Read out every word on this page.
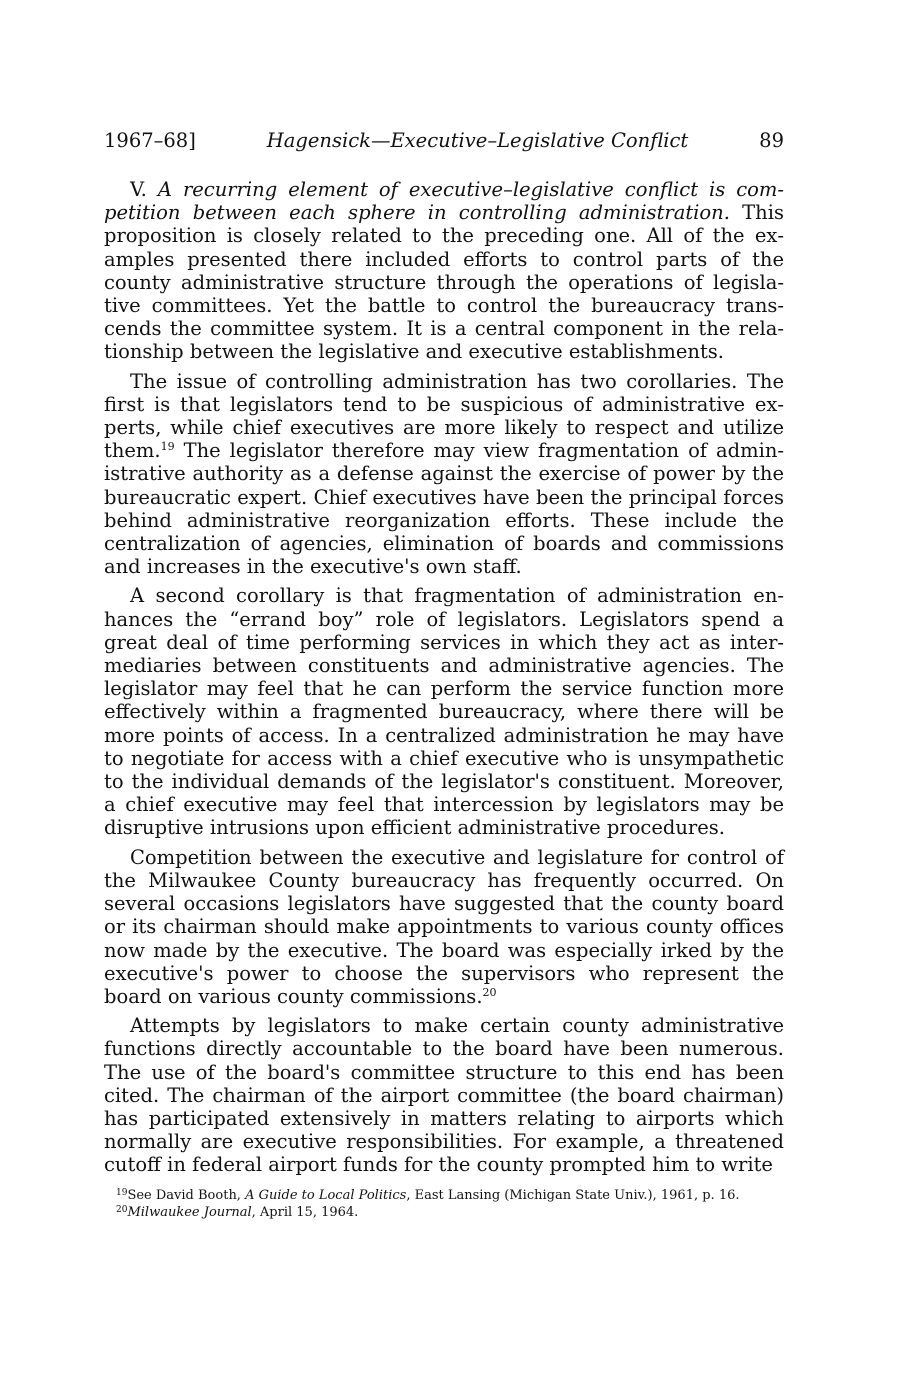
1967–68]	Hagensick—Executive–Legislative Conflict	89

V. A recurring element of executive–legislative conflict is competition between each sphere in controlling administration. This proposition is closely related to the preceding one. All of the examples presented there included efforts to control parts of the county administrative structure through the operations of legislative committees. Yet the battle to control the bureaucracy transcends the committee system. It is a central component in the relationship between the legislative and executive establishments.

The issue of controlling administration has two corollaries. The first is that legislators tend to be suspicious of administrative experts, while chief executives are more likely to respect and utilize them.$^{19}$ The legislator therefore may view fragmentation of administrative authority as a defense against the exercise of power by the bureaucratic expert. Chief executives have been the principal forces behind administrative reorganization efforts. These include the centralization of agencies, elimination of boards and commissions and increases in the executive's own staff.

A second corollary is that fragmentation of administration enhances the “errand boy” role of legislators. Legislators spend a great deal of time performing services in which they act as intermediaries between constituents and administrative agencies. The legislator may feel that he can perform the service function more effectively within a fragmented bureaucracy, where there will be more points of access. In a centralized administration he may have to negotiate for access with a chief executive who is unsympathetic to the individual demands of the legislator's constituent. Moreover, a chief executive may feel that intercession by legislators may be disruptive intrusions upon efficient administrative procedures.

Competition between the executive and legislature for control of the Milwaukee County bureaucracy has frequently occurred. On several occasions legislators have suggested that the county board or its chairman should make appointments to various county offices now made by the executive. The board was especially irked by the executive's power to choose the supervisors who represent the board on various county commissions.$^{20}$

Attempts by legislators to make certain county administrative functions directly accountable to the board have been numerous. The use of the board's committee structure to this end has been cited. The chairman of the airport committee (the board chairman) has participated extensively in matters relating to airports which normally are executive responsibilities. For example, a threatened cutoff in federal airport funds for the county prompted him to write

$^{19}$See David Booth, A Guide to Local Politics, East Lansing (Michigan State Univ.), 1961, p. 16.

$^{20}$Milwaukee Journal, April 15, 1964.
